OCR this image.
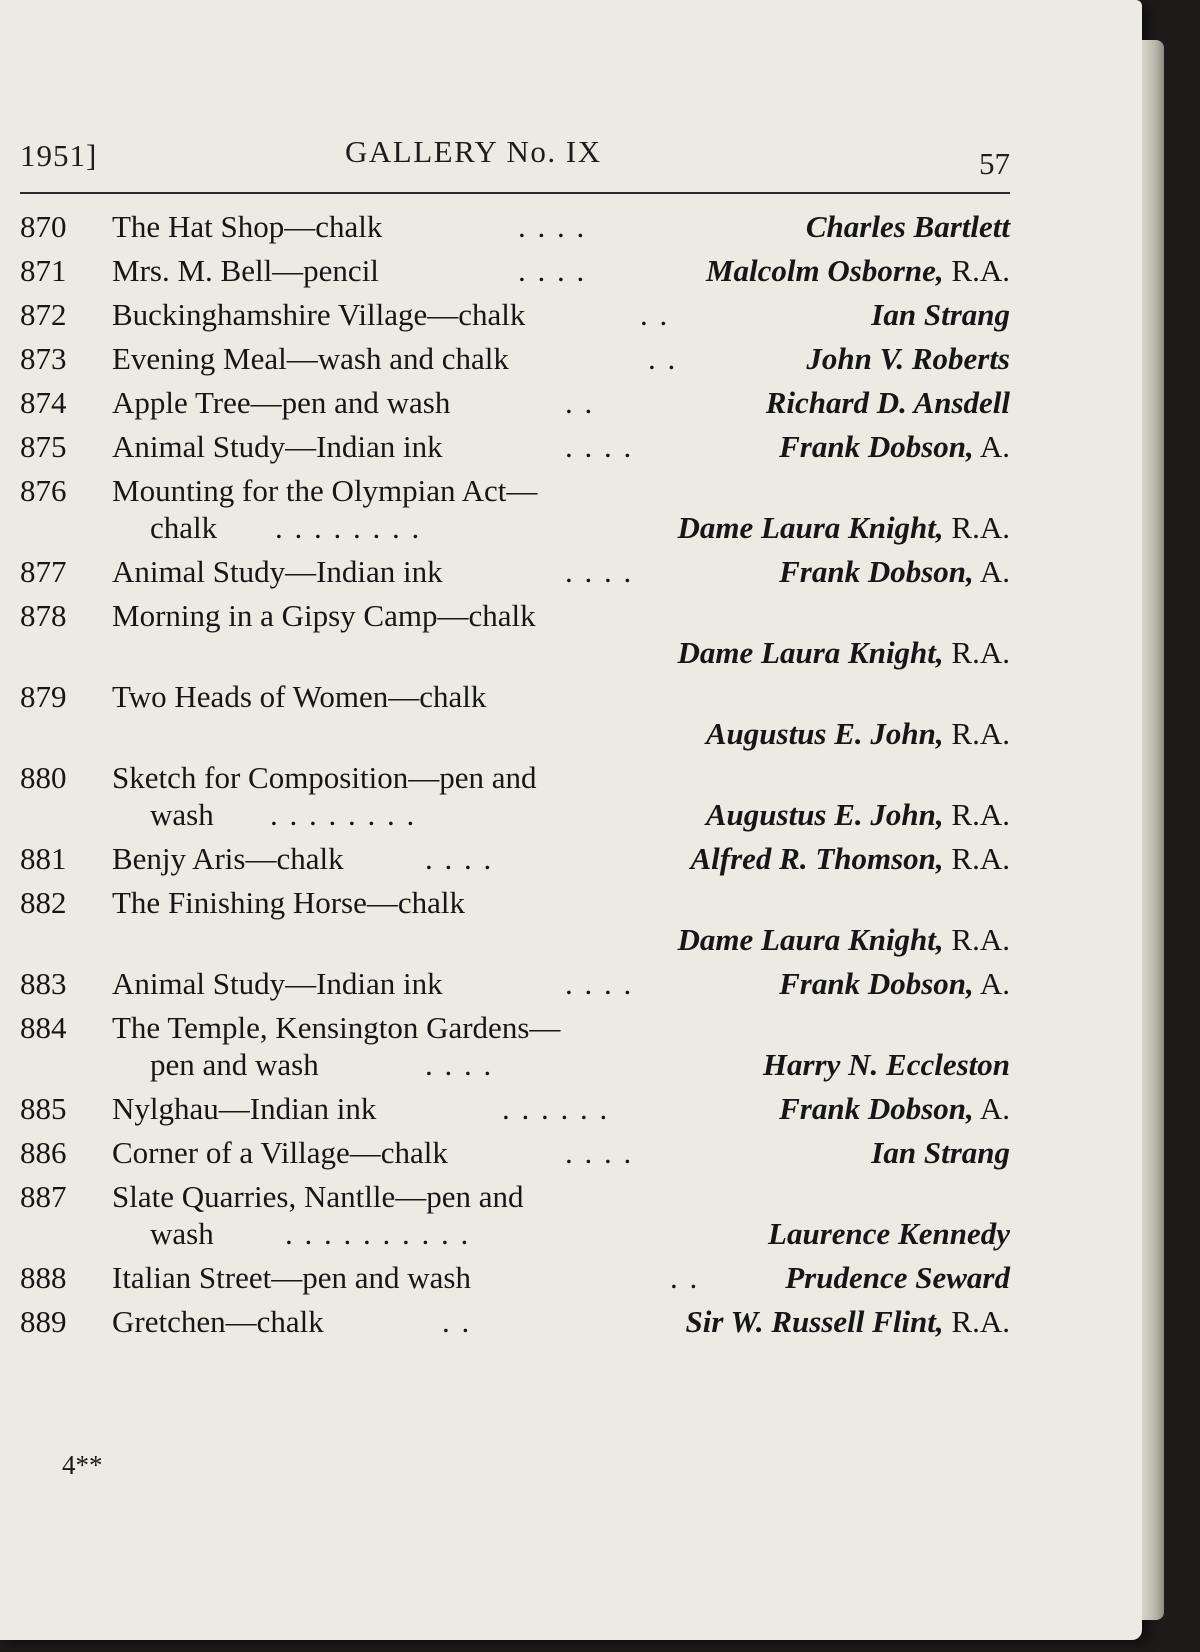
1951]	GALLERY No. IX	57
870 The Hat Shop—chalk	. . . .	Charles Bartlett
871 Mrs. M. Bell—pencil	. . . .	Malcolm Osborne, R.A.
872 Buckinghamshire Village—chalk	. .	Ian Strang
873 Evening Meal—wash and chalk	. .	John V. Roberts
874 Apple Tree—pen and wash	. .	Richard D. Ansdell
875 Animal Study—Indian ink	. . . .	Frank Dobson, A.
876 Mounting for the Olympian Act—
chalk . . . . . . . .	Dame Laura Knight, R.A.
877 Animal Study—Indian ink	. . . .	Frank Dobson, A.
878 Morning in a Gipsy Camp—chalk
Dame Laura Knight, R.A.
879 Two Heads of Women—chalk
Augustus E. John, R.A.
880 Sketch for Composition—pen and
wash . . . . . . . .	Augustus E. John, R.A.
881 Benjy Aris—chalk	. . . .	Alfred R. Thomson, R.A.
882 The Finishing Horse—chalk
Dame Laura Knight, R.A.
883 Animal Study—Indian ink	. . . .	Frank Dobson, A.
884 The Temple, Kensington Gardens—
pen and wash	. . . .	Harry N. Eccleston
885 Nylghau—Indian ink	. . . . . .	Frank Dobson, A.
886 Corner of a Village—chalk	. . . .	Ian Strang
887 Slate Quarries, Nantlle—pen and
wash . . . . . . . . . .	Laurence Kennedy
888 Italian Street—pen and wash	. .	Prudence Seward
889 Gretchen—chalk	. .	Sir W. Russell Flint, R.A.
4**
